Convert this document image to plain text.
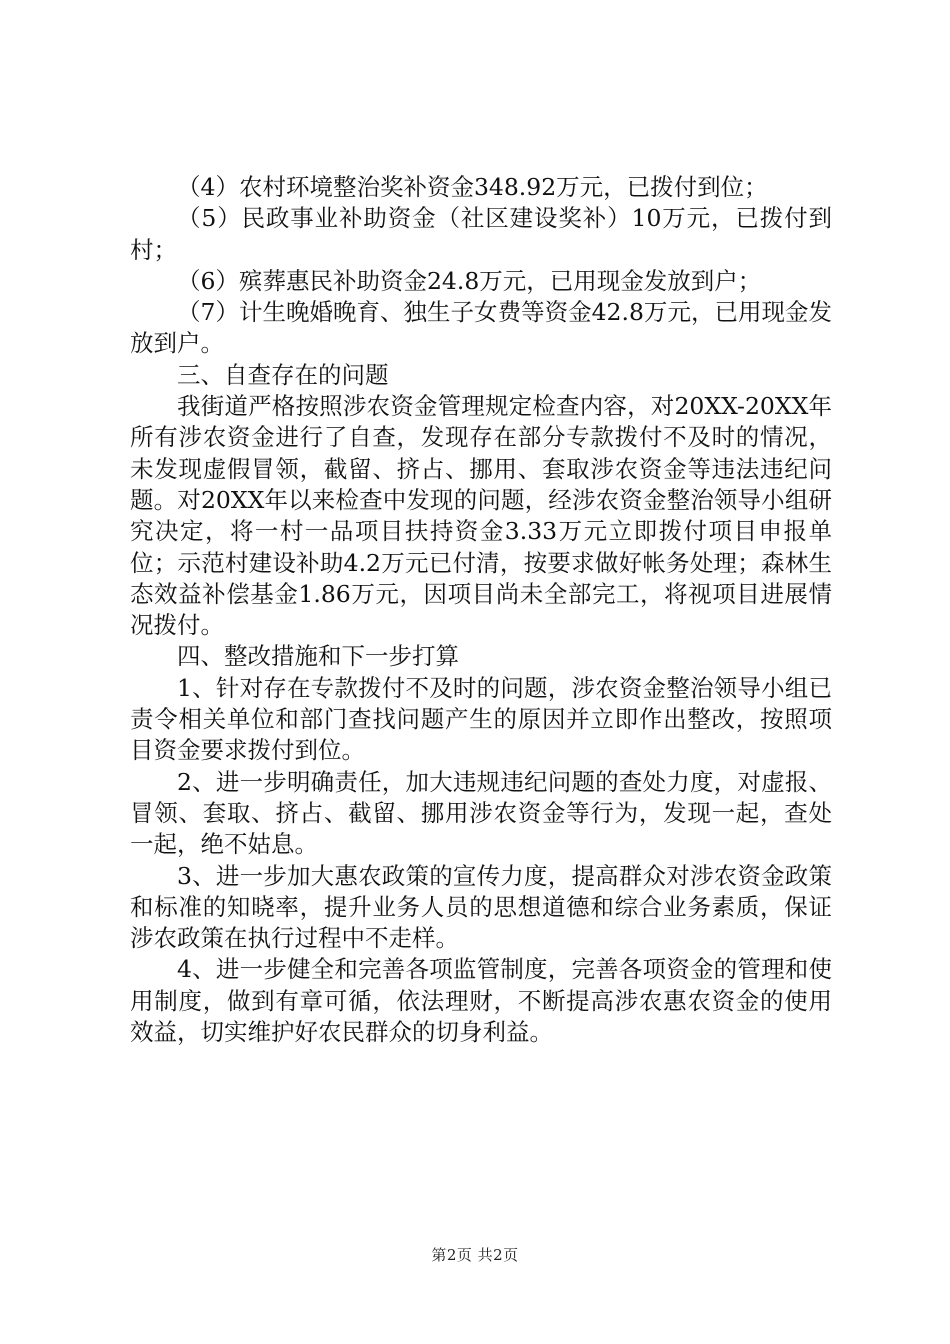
（4）农村环境整治奖补资金348.92万元，已拨付到位；

（5）民政事业补助资金（社区建设奖补）10万元，已拨付到村；

（6）殡葬惠民补助资金24.8万元，已用现金发放到户；

（7）计生晚婚晚育、独生子女费等资金42.8万元，已用现金发放到户。

三、自查存在的问题

我街道严格按照涉农资金管理规定检查内容，对20XX-20XX年所有涉农资金进行了自查，发现存在部分专款拨付不及时的情况，未发现虚假冒领，截留、挤占、挪用、套取涉农资金等违法违纪问题。对20XX年以来检查中发现的问题，经涉农资金整治领导小组研究决定，将一村一品项目扶持资金3.33万元立即拨付项目申报单位；示范村建设补助4.2万元已付清，按要求做好帐务处理；森林生态效益补偿基金1.86万元，因项目尚未全部完工，将视项目进展情况拨付。

四、整改措施和下一步打算

1、针对存在专款拨付不及时的问题，涉农资金整治领导小组已责令相关单位和部门查找问题产生的原因并立即作出整改，按照项目资金要求拨付到位。

2、进一步明确责任，加大违规违纪问题的查处力度，对虚报、冒领、套取、挤占、截留、挪用涉农资金等行为，发现一起，查处一起，绝不姑息。

3、进一步加大惠农政策的宣传力度，提高群众对涉农资金政策和标准的知晓率，提升业务人员的思想道德和综合业务素质，保证涉农政策在执行过程中不走样。

4、进一步健全和完善各项监管制度，完善各项资金的管理和使用制度，做到有章可循，依法理财，不断提高涉农惠农资金的使用效益，切实维护好农民群众的切身利益。

第2页 共2页
